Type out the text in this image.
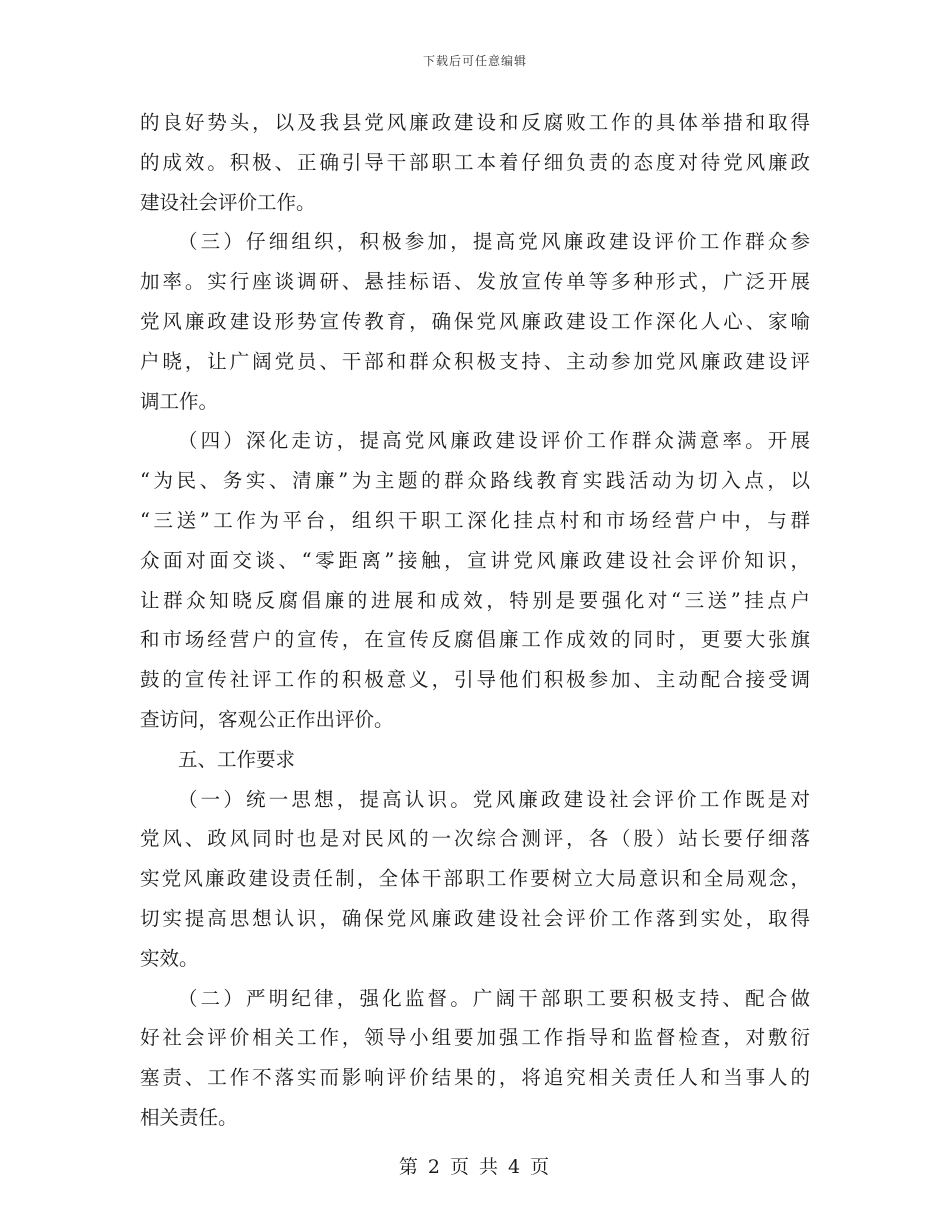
下载后可任意编辑
的良好势头，以及我县党风廉政建设和反腐败工作的具体举措和取得
的成效。积极、正确引导干部职工本着仔细负责的态度对待党风廉政
建设社会评价工作。
（三）仔细组织，积极参加，提高党风廉政建设评价工作群众参
加率。实行座谈调研、悬挂标语、发放宣传单等多种形式，广泛开展
党风廉政建设形势宣传教育，确保党风廉政建设工作深化人心、家喻
户晓，让广阔党员、干部和群众积极支持、主动参加党风廉政建设评
调工作。
（四）深化走访，提高党风廉政建设评价工作群众满意率。开展
“为民、务实、清廉”为主题的群众路线教育实践活动为切入点，以
“三送”工作为平台，组织干职工深化挂点村和市场经营户中，与群
众面对面交谈、“零距离”接触，宣讲党风廉政建设社会评价知识，
让群众知晓反腐倡廉的进展和成效，特别是要强化对“三送”挂点户
和市场经营户的宣传，在宣传反腐倡廉工作成效的同时，更要大张旗
鼓的宣传社评工作的积极意义，引导他们积极参加、主动配合接受调
查访问，客观公正作出评价。
五、工作要求
（一）统一思想，提高认识。党风廉政建设社会评价工作既是对
党风、政风同时也是对民风的一次综合测评，各（股）站长要仔细落
实党风廉政建设责任制，全体干部职工作要树立大局意识和全局观念，
切实提高思想认识，确保党风廉政建设社会评价工作落到实处，取得
实效。
（二）严明纪律，强化监督。广阔干部职工要积极支持、配合做
好社会评价相关工作，领导小组要加强工作指导和监督检查，对敷衍
塞责、工作不落实而影响评价结果的，将追究相关责任人和当事人的
相关责任。
第 2 页 共 4 页
